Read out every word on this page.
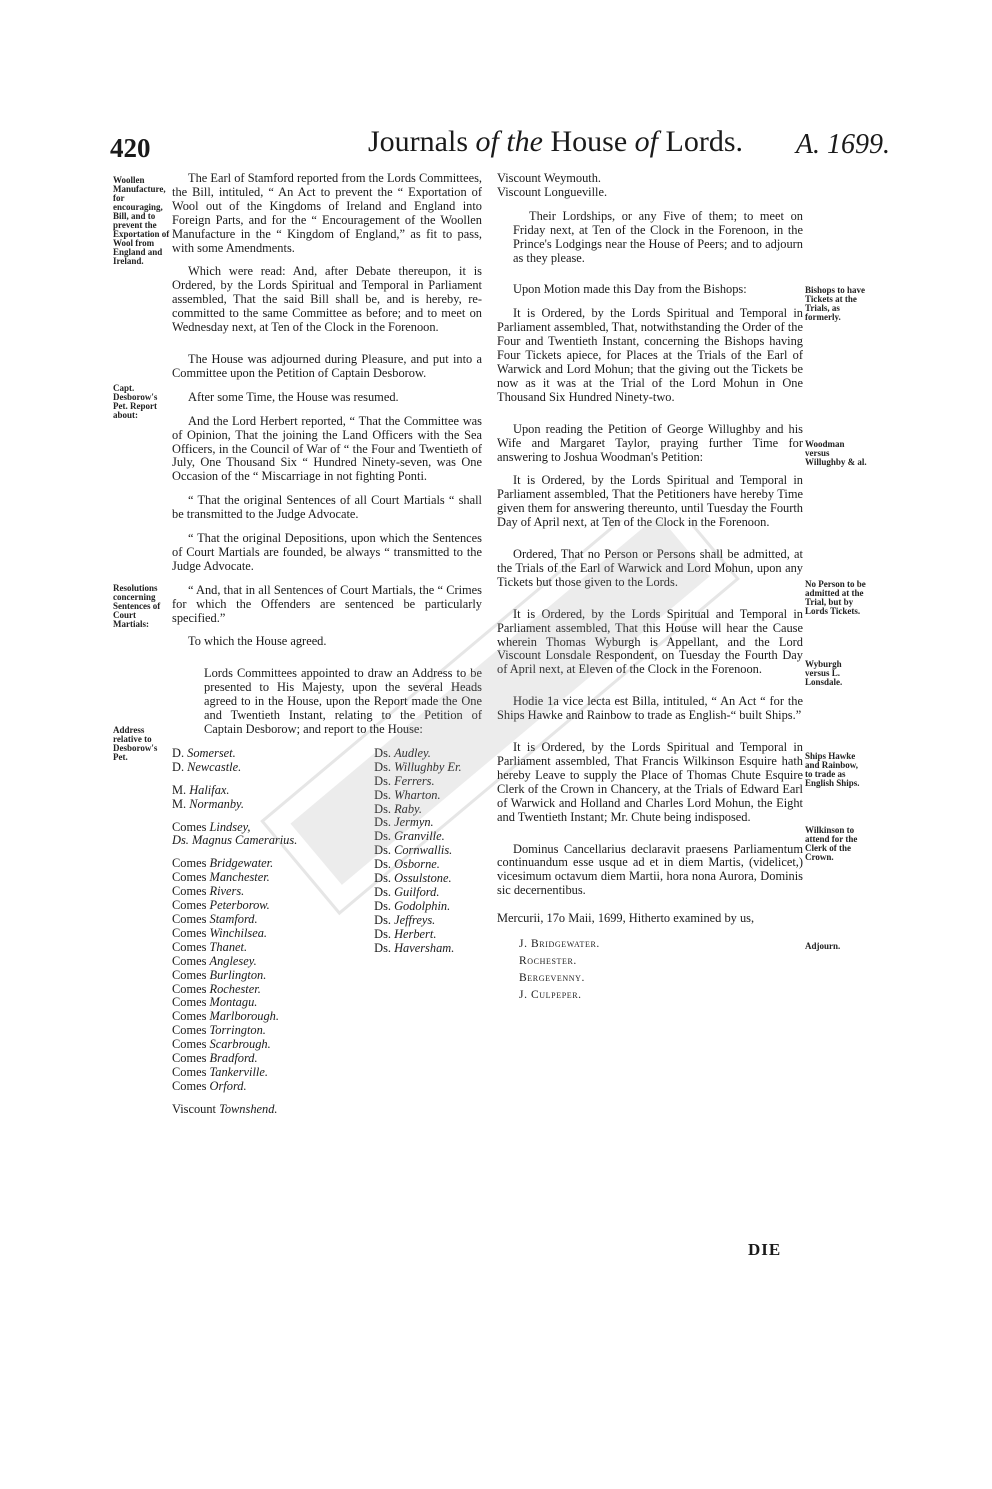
420	Journals of the House of Lords. A. 1699.
Woollen Manufacture, for encouraging, Bill, and to prevent the Exportation of Wool from England and Ireland.
Capt. Desborow's Pet. Report about:
Resolutions concerning Sentences of Court Martials:
Address relative to Desborow's Pet.
Bishops to have Tickets at the Trials, as formerly.
Woodman versus Willughby & al.
No Person to be admitted at the Trial, but by Lords Tickets.
Wyburgh versus L. Lonsdale.
Ships Hawke and Rainbow, to trade as English Ships.
Wilkinson to attend for the Clerk of the Crown.
Adjourn.

The Earl of Stamford reported from the Lords Committees, the Bill, intituled, “ An Act to prevent the “ Exportation of Wool out of the Kingdoms of Ireland and England into Foreign Parts, and for the “ Encouragement of the Woollen Manufacture in the “ Kingdom of England,” as fit to pass, with some Amendments.

Which were read: And, after Debate thereupon, it is Ordered, by the Lords Spiritual and Temporal in Parliament assembled, That the said Bill shall be, and is hereby, re-committed to the same Committee as before; and to meet on Wednesday next, at Ten of the Clock in the Forenoon.

The House was adjourned during Pleasure, and put into a Committee upon the Petition of Captain Desborow.

After some Time, the House was resumed.

And the Lord Herbert reported, “ That the Committee was of Opinion, That the joining the Land Officers with the Sea Officers, in the Council of War of “ the Four and Twentieth of July, One Thousand Six “ Hundred Ninety-seven, was One Occasion of the “ Miscarriage in not fighting Ponti.

“ That the original Sentences of all Court Martials “ shall be transmitted to the Judge Advocate.

“ That the original Depositions, upon which the Sentences of Court Martials are founded, be always “ transmitted to the Judge Advocate.

“ And, that in all Sentences of Court Martials, the “ Crimes for which the Offenders are sentenced be particularly specified.”

To which the House agreed.

Lords Committees appointed to draw an Address to be presented to His Majesty, upon the several Heads agreed to in the House, upon the Report made the One and Twentieth Instant, relating to the Petition of Captain Desborow; and report to the House:

D. Somerset.
D. Newcastle.
M. Halifax.
M. Normanby.
Comes Lindsey,
Ds. Magnus Camerarius.
Comes Bridgewater.
Comes Manchester.
Comes Rivers.
Comes Peterborow.
Comes Stamford.
Comes Winchilsea.
Comes Thanet.
Comes Anglesey.
Comes Burlington.
Comes Rochester.
Comes Montagu.
Comes Marlborough.
Comes Torrington.
Comes Scarbrough.
Comes Bradford.
Comes Tankerville.
Comes Orford.
Viscount Townshend.
Ds. Audley.
Ds. Willughby Er.
Ds. Ferrers.
Ds. Wharton.
Ds. Raby.
Ds. Jermyn.
Ds. Granville.
Ds. Cornwallis.
Ds. Osborne.
Ds. Ossulstone.
Ds. Guilford.
Ds. Godolphin.
Ds. Jeffreys.
Ds. Herbert.
Ds. Haversham.
Viscount Weymouth.
Viscount Longueville.

Their Lordships, or any Five of them; to meet on Friday next, at Ten of the Clock in the Forenoon, in the Prince's Lodgings near the House of Peers; and to adjourn as they please.

Upon Motion made this Day from the Bishops:

It is Ordered, by the Lords Spiritual and Temporal in Parliament assembled, That, notwithstanding the Order of the Four and Twentieth Instant, concerning the Bishops having Four Tickets apiece, for Places at the Trials of the Earl of Warwick and Lord Mohun; that the giving out the Tickets be now as it was at the Trial of the Lord Mohun in One Thousand Six Hundred Ninety-two.

Upon reading the Petition of George Willughby and his Wife and Margaret Taylor, praying further Time for answering to Joshua Woodman's Petition:

It is Ordered, by the Lords Spiritual and Temporal in Parliament assembled, That the Petitioners have hereby Time given them for answering thereunto, until Tuesday the Fourth Day of April next, at Ten of the Clock in the Forenoon.

Ordered, That no Person or Persons shall be admitted, at the Trials of the Earl of Warwick and Lord Mohun, upon any Tickets but those given to the Lords.

It is Ordered, by the Lords Spiritual and Temporal in Parliament assembled, That this House will hear the Cause wherein Thomas Wyburgh is Appellant, and the Lord Viscount Lonsdale Respondent, on Tuesday the Fourth Day of April next, at Eleven of the Clock in the Forenoon.

Hodie 1a vice lecta est Billa, intituled, “ An Act “ for the Ships Hawke and Rainbow to trade as English-“ built Ships.”

It is Ordered, by the Lords Spiritual and Temporal in Parliament assembled, That Francis Wilkinson Esquire hath hereby Leave to supply the Place of Thomas Chute Esquire Clerk of the Crown in Chancery, at the Trials of Edward Earl of Warwick and Holland and Charles Lord Mohun, the Eight and Twentieth Instant; Mr. Chute being indisposed.

Dominus Cancellarius declaravit praesens Parliamentum continuandum esse usque ad et in diem Martis, (videlicet,) vicesimum octavum diem Martii, hora nona Aurora, Dominis sic decernentibus.

Mercurii, 17o Maii, 1699, Hitherto examined by us,

J. Bridgewater.
Rochester.
Bergevenny.
J. Culpeper.
DIE
